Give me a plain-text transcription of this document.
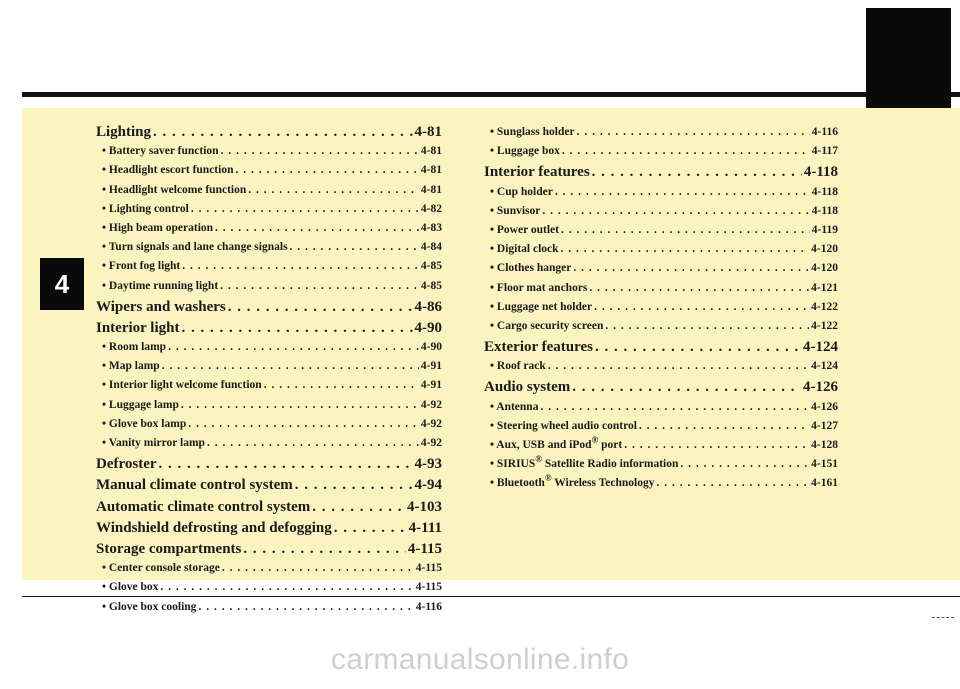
4
Lighting . . .	4-81
• Battery saver function . . .	4-81
• Headlight escort function . . .	4-81
• Headlight welcome function . . .	4-81
• Lighting control . . .	4-82
• High beam operation . . .	4-83
• Turn signals and lane change signals . . .	4-84
• Front fog light . . .	4-85
• Daytime running light . . .	4-85
Wipers and washers . . .	4-86
Interior light . . .	4-90
• Room lamp . . .	4-90
• Map lamp . . .	4-91
• Interior light welcome function . . .	4-91
• Luggage lamp . . .	4-92
• Glove box lamp . . .	4-92
• Vanity mirror lamp . . .	4-92
Defroster . . .	4-93
Manual climate control system . . .	4-94
Automatic climate control system . . .	4-103
Windshield defrosting and defogging . . .	4-111
Storage compartments . . .	4-115
• Center console storage . . .	4-115
• Glove box . . .	4-115
• Glove box cooling . . .	4-116
• Sunglass holder . . .	4-116
• Luggage box . . .	4-117
Interior features . . .	4-118
• Cup holder . . .	4-118
• Sunvisor . . .	4-118
• Power outlet . . .	4-119
• Digital clock . . .	4-120
• Clothes hanger . . .	4-120
• Floor mat anchors . . .	4-121
• Luggage net holder . . .	4-122
• Cargo security screen . . .	4-122
Exterior features . . .	4-124
• Roof rack . . .	4-124
Audio system . . .	4-126
• Antenna . . .	4-126
• Steering wheel audio control . . .	4-127
• Aux, USB and iPod® port . . .	4-128
• SIRIUS® Satellite Radio information . . .	4-151
• Bluetooth® Wireless Technology . . .	4-161
carmanualsonline.info
